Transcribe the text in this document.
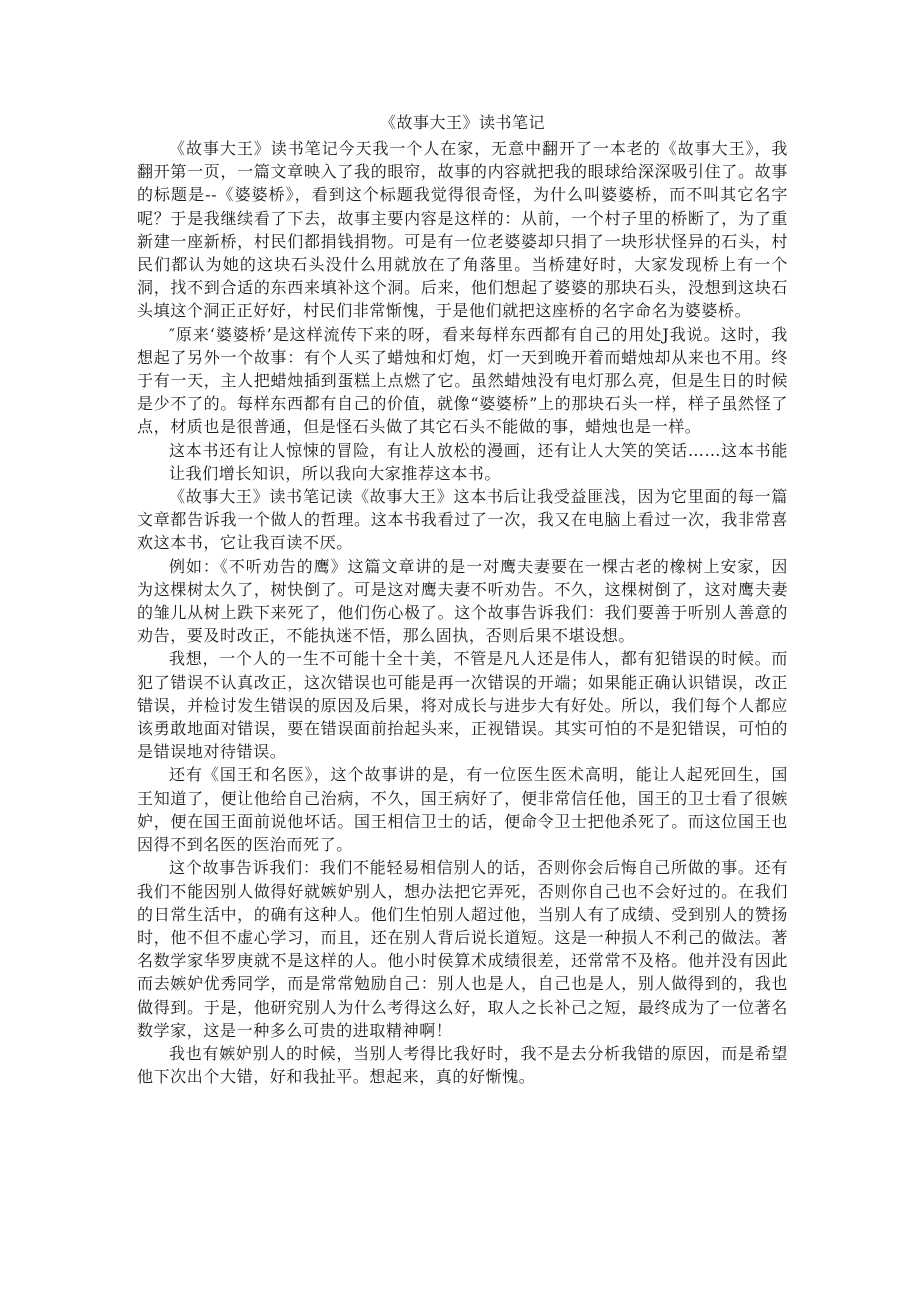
《故事大王》读书笔记

《故事大王》读书笔记今天我一个人在家，无意中翻开了一本老的《故事大王》，我翻开第一页，一篇文章映入了我的眼帘，故事的内容就把我的眼球给深深吸引住了。故事的标题是--《婆婆桥》，看到这个标题我觉得很奇怪，为什么叫婆婆桥，而不叫其它名字呢？于是我继续看了下去，故事主要内容是这样的：从前，一个村子里的桥断了，为了重新建一座新桥，村民们都捐钱捐物。可是有一位老婆婆却只捐了一块形状怪异的石头，村民们都认为她的这块石头没什么用就放在了角落里。当桥建好时，大家发现桥上有一个洞，找不到合适的东西来填补这个洞。后来，他们想起了婆婆的那块石头，没想到这块石头填这个洞正正好好，村民们非常惭愧，于是他们就把这座桥的名字命名为婆婆桥。

″原来‘婆婆桥’是这样流传下来的呀，看来每样东西都有自己的用处J我说。这时，我想起了另外一个故事：有个人买了蜡烛和灯炮，灯一天到晚开着而蜡烛却从来也不用。终于有一天，主人把蜡烛插到蛋糕上点燃了它。虽然蜡烛没有电灯那么亮，但是生日的时候是少不了的。每样东西都有自己的价值，就像“婆婆桥”上的那块石头一样，样子虽然怪了点，材质也是很普通，但是怪石头做了其它石头不能做的事，蜡烛也是一样。

这本书还有让人惊悚的冒险，有让人放松的漫画，还有让人大笑的笑话……这本书能让我们增长知识，所以我向大家推荐这本书。

《故事大王》读书笔记读《故事大王》这本书后让我受益匪浅，因为它里面的每一篇文章都告诉我一个做人的哲理。这本书我看过了一次，我又在电脑上看过一次，我非常喜欢这本书，它让我百读不厌。

例如：《不听劝告的鹰》这篇文章讲的是一对鹰夫妻要在一棵古老的橡树上安家，因为这棵树太久了，树快倒了。可是这对鹰夫妻不听劝告。不久，这棵树倒了，这对鹰夫妻的雏儿从树上跌下来死了，他们伤心极了。这个故事告诉我们：我们要善于听别人善意的劝告，要及时改正，不能执迷不悟，那么固执，否则后果不堪设想。

我想，一个人的一生不可能十全十美，不管是凡人还是伟人，都有犯错误的时候。而犯了错误不认真改正，这次错误也可能是再一次错误的开端；如果能正确认识错误，改正错误，并检讨发生错误的原因及后果，将对成长与进步大有好处。所以，我们每个人都应该勇敢地面对错误，要在错误面前抬起头来，正视错误。其实可怕的不是犯错误，可怕的是错误地对待错误。

还有《国王和名医》，这个故事讲的是，有一位医生医术高明，能让人起死回生，国王知道了，便让他给自己治病，不久，国王病好了，便非常信任他，国王的卫士看了很嫉妒，便在国王面前说他坏话。国王相信卫士的话，便命令卫士把他杀死了。而这位国王也因得不到名医的医治而死了。

这个故事告诉我们：我们不能轻易相信别人的话，否则你会后悔自己所做的事。还有我们不能因别人做得好就嫉妒别人，想办法把它弄死，否则你自己也不会好过的。在我们的日常生活中，的确有这种人。他们生怕别人超过他，当别人有了成绩、受到别人的赞扬时，他不但不虚心学习，而且，还在别人背后说长道短。这是一种损人不利己的做法。著名数学家华罗庚就不是这样的人。他小时侯算术成绩很差，还常常不及格。他并没有因此而去嫉妒优秀同学，而是常常勉励自己：别人也是人，自己也是人，别人做得到的，我也做得到。于是，他研究别人为什么考得这么好，取人之长补己之短，最终成为了一位著名数学家，这是一种多么可贵的进取精神啊！

我也有嫉妒别人的时候，当别人考得比我好时，我不是去分析我错的原因，而是希望他下次出个大错，好和我扯平。想起来，真的好惭愧。
